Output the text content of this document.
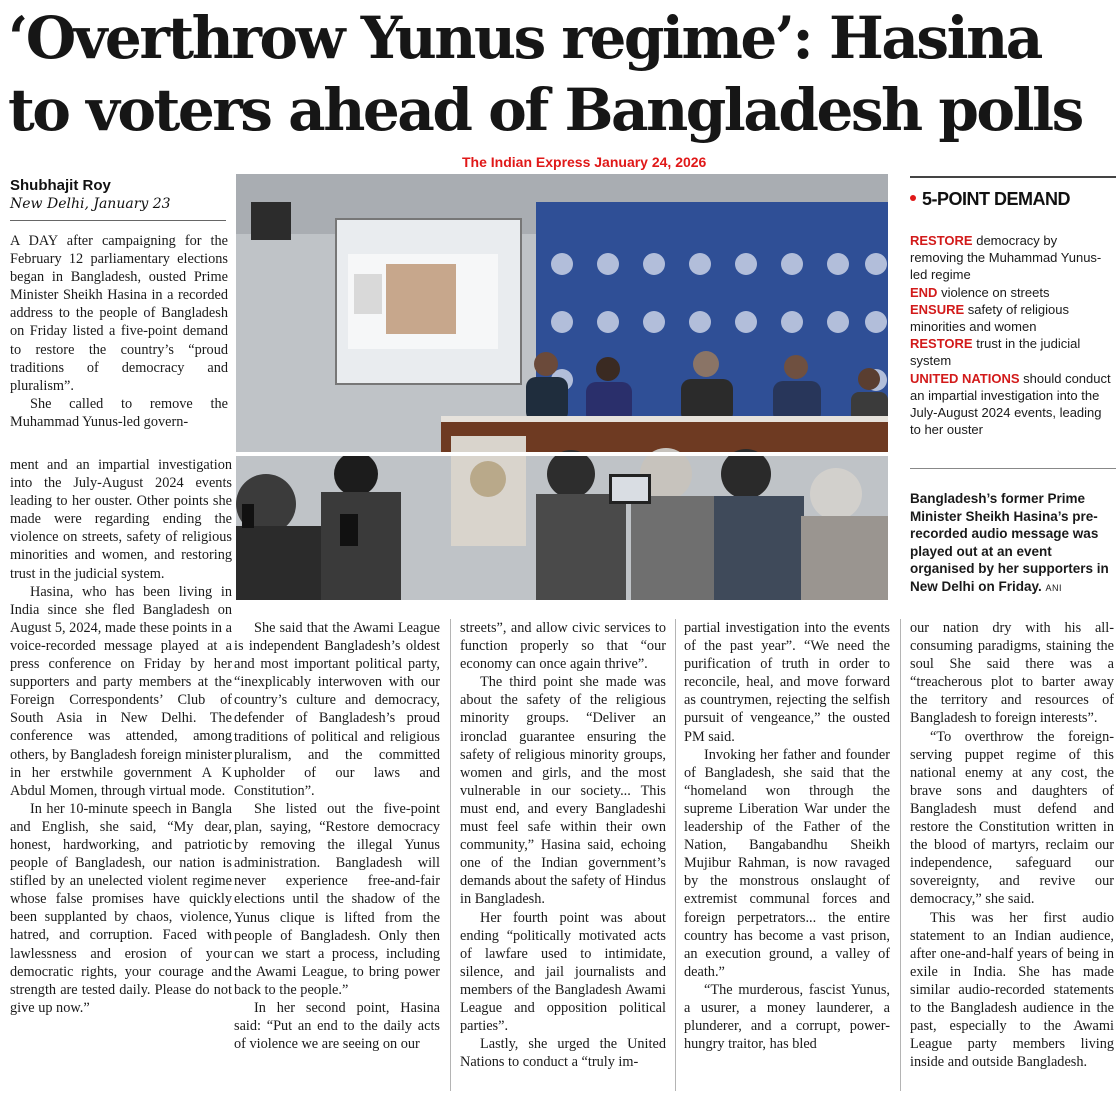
‘Overthrow Yunus regime’: Hasina
to voters ahead of Bangladesh polls
The Indian Express January 24, 2026
Shubhajit Roy
New Delhi, January 23

A DAY after campaigning for the February 12 parliamentary elections began in Bangladesh, ousted Prime Minister Sheikh Hasina in a recorded address to the people of Bangladesh on Friday listed a five-point demand to restore the country’s “proud traditions of democracy and pluralism”.

She called to remove the Muhammad Yunus-led govern-

ment and an impartial investigation into the July-August 2024 events leading to her ouster. Other points she made were regarding ending the violence on streets, safety of religious minorities and women, and restoring trust in the judicial system.

Hasina, who has been living in India since she fled Bangladesh on August 5, 2024, made these points in a voice-recorded message played at a press conference on Friday by her supporters and party members at the Foreign Correspondents’ Club of South Asia in New Delhi. The conference was attended, among others, by Bangladesh foreign minister in her erstwhile government A K Abdul Momen, through virtual mode.

In her 10-minute speech in Bangla and English, she said, “My dear, honest, hardworking, and patriotic people of Bangladesh, our nation is stifled by an unelected violent regime whose false promises have quickly been supplanted by chaos, violence, hatred, and corruption. Faced with lawlessness and erosion of your democratic rights, your courage and strength are tested daily. Please do not give up now.”

She said that the Awami League is independent Bangladesh’s oldest and most important political party, “inexplicably interwoven with our country’s culture and democracy, defender of Bangladesh’s proud traditions of political and religious pluralism, and the committed upholder of our laws and Constitution”.

She listed out the five-point plan, saying, “Restore democracy by removing the illegal Yunus administration. Bangladesh will never experience free-and-fair elections until the shadow of the Yunus clique is lifted from the people of Bangladesh. Only then can we start a process, including the Awami League, to bring power back to the people.”

In her second point, Hasina said: “Put an end to the daily acts of violence we are seeing on our

streets”, and allow civic services to function properly so that “our economy can once again thrive”.

The third point she made was about the safety of the religious minority groups. “Deliver an ironclad guarantee ensuring the safety of religious minority groups, women and girls, and the most vulnerable in our society... This must end, and every Bangladeshi must feel safe within their own community,” Hasina said, echoing one of the Indian government’s demands about the safety of Hindus in Bangladesh.

Her fourth point was about ending “politically motivated acts of lawfare used to intimidate, silence, and jail journalists and members of the Bangladesh Awami League and opposition political parties”.

Lastly, she urged the United Nations to conduct a “truly im-

partial investigation into the events of the past year”. “We need the purification of truth in order to reconcile, heal, and move forward as countrymen, rejecting the selfish pursuit of vengeance,” the ousted PM said.

Invoking her father and founder of Bangladesh, she said that the “homeland won through the supreme Liberation War under the leadership of the Father of the Nation, Bangabandhu Sheikh Mujibur Rahman, is now ravaged by the monstrous onslaught of extremist communal forces and foreign perpetrators... the entire country has become a vast prison, an execution ground, a valley of death.”

“The murderous, fascist Yunus, a usurer, a money launderer, a plunderer, and a corrupt, power-hungry traitor, has bled

our nation dry with his all-consuming paradigms, staining the soul She said there was a “treacherous plot to barter away the territory and resources of Bangladesh to foreign interests”.

“To overthrow the foreign-serving puppet regime of this national enemy at any cost, the brave sons and daughters of Bangladesh must defend and restore the Constitution written in the blood of martyrs, reclaim our independence, safeguard our sovereignty, and revive our democracy,” she said.

This was her first audio statement to an Indian audience, after one-and-half years of being in exile in India. She has made similar audio-recorded statements to the Bangladesh audience in the past, especially to the Awami League party members living inside and outside Bangladesh.

5-POINT DEMAND
RESTORE democracy by removing the Muhammad Yunus-led regime
END violence on streets
ENSURE safety of religious minorities and women
RESTORE trust in the judicial system
UNITED NATIONS should conduct an impartial investigation into the July-August 2024 events, leading to her ouster
Bangladesh’s former Prime Minister Sheikh Hasina’s pre-recorded audio message was played out at an event organised by her supporters in New Delhi on Friday. ANI
